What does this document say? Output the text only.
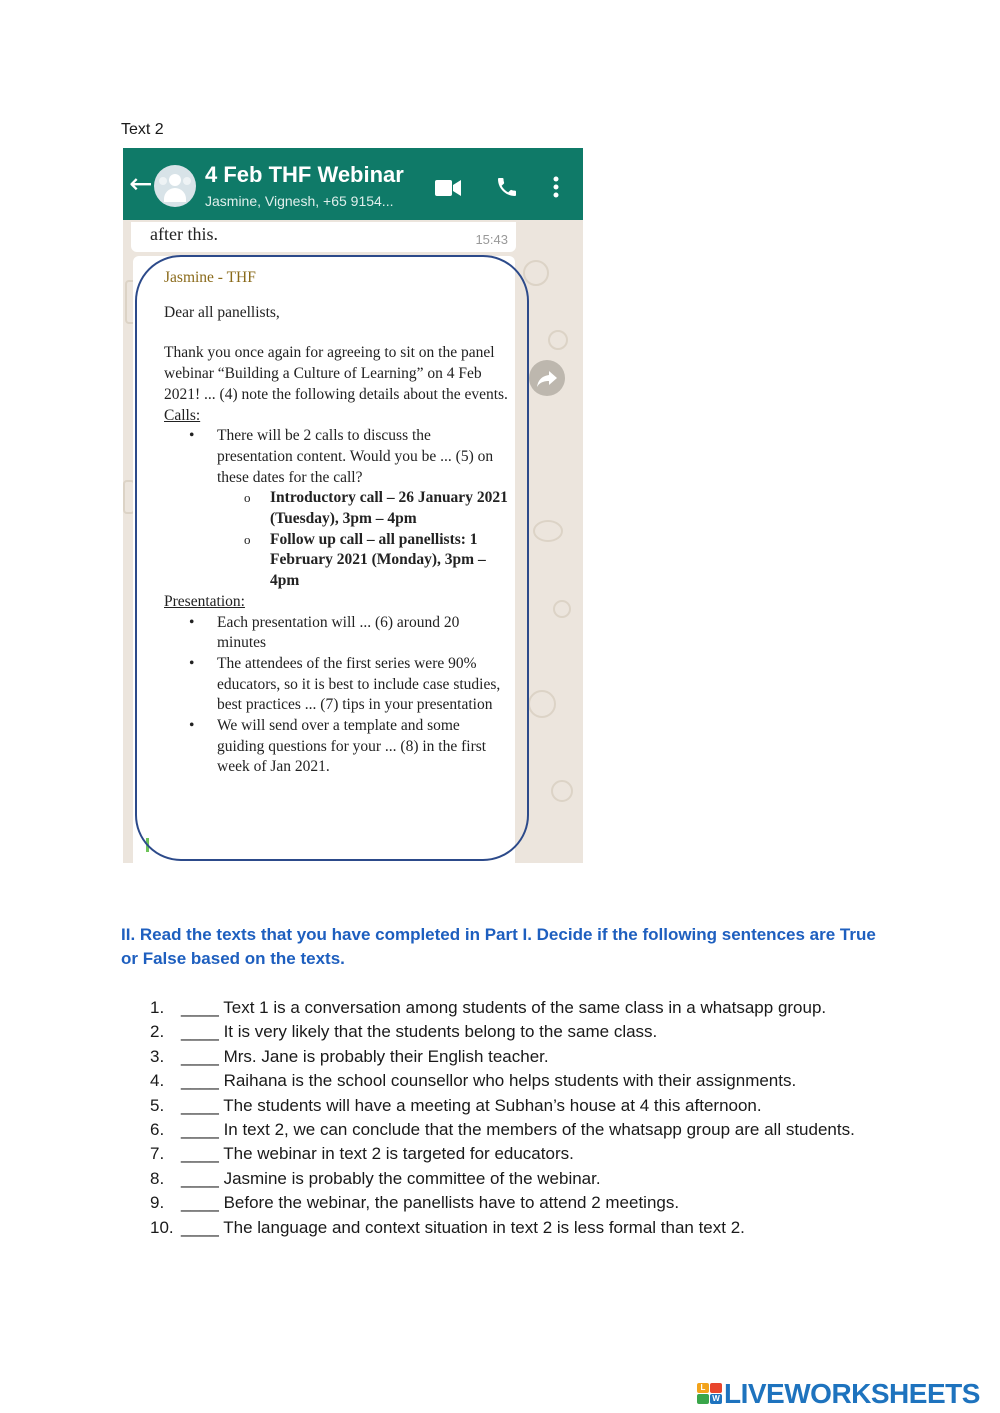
Text 2
← 4 Feb THF Webinar
Jasmine, Vignesh, +65 9154...
after this.	15:43

Jasmine - THF

Dear all panellists,

Thank you once again for agreeing to sit on the panel webinar “Building a Culture of Learning” on 4 Feb 2021! ... (4) note the following details about the events.

Calls:

• There will be 2 calls to discuss the presentation content. Would you be ... (5) on these dates for the call?
o Introductory call – 26 January 2021 (Tuesday), 3pm – 4pm
o Follow up call – all panellists: 1 February 2021 (Monday), 3pm – 4pm

Presentation:

• Each presentation will ... (6) around 20 minutes
• The attendees of the first series were 90% educators, so it is best to include case studies, best practices ... (7) tips in your presentation
• We will send over a template and some guiding questions for your ... (8) in the first week of Jan 2021.
II. Read the texts that you have completed in Part I. Decide if the following sentences are True or False based on the texts.
1. ____ Text 1 is a conversation among students of the same class in a whatsapp group.
2. ____ It is very likely that the students belong to the same class.
3. ____ Mrs. Jane is probably their English teacher.
4. ____ Raihana is the school counsellor who helps students with their assignments.
5. ____ The students will have a meeting at Subhan’s house at 4 this afternoon.
6. ____ In text 2, we can conclude that the members of the whatsapp group are all students.
7. ____ The webinar in text 2 is targeted for educators.
8. ____ Jasmine is probably the committee of the webinar.
9. ____ Before the webinar, the panellists have to attend 2 meetings.
10. ____ The language and context situation in text 2 is less formal than text 2.
L
W LIVEWORKSHEETS
